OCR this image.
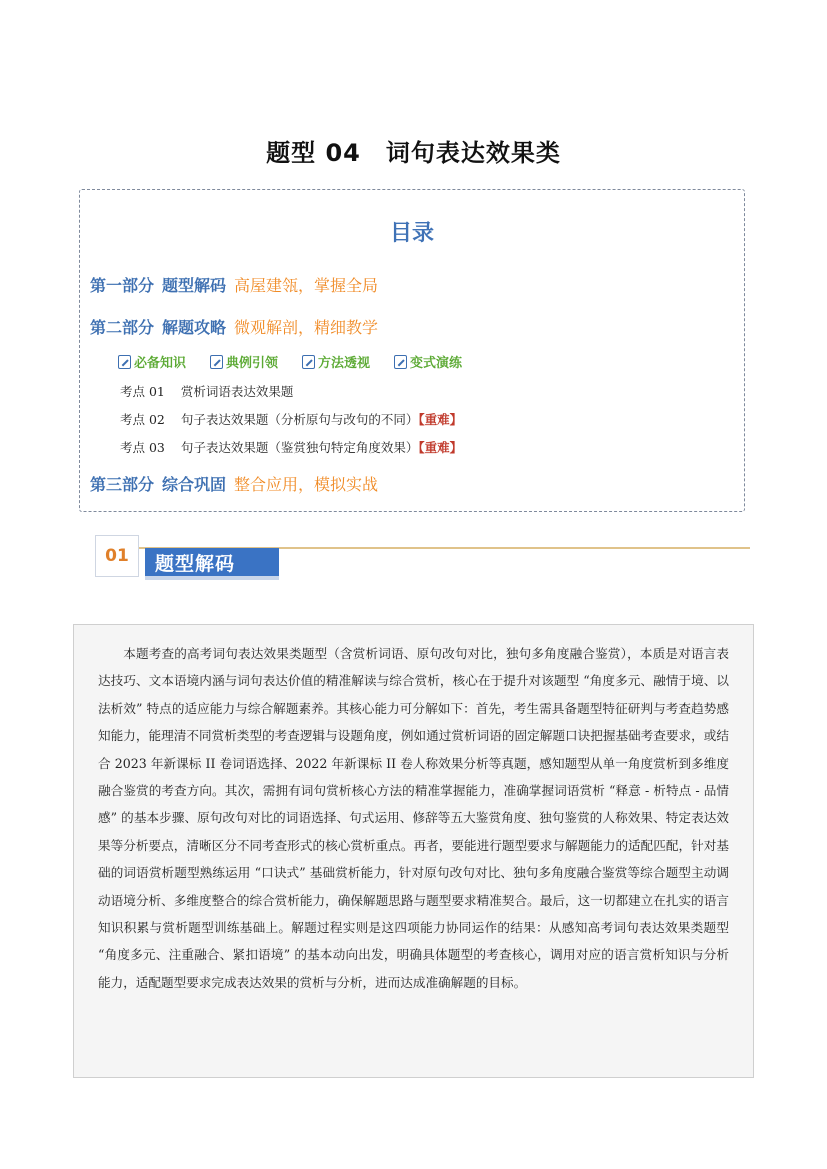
题型 04　词句表达效果类
目录
第一部分 题型解码 高屋建瓴，掌握全局
第二部分 解题攻略 微观解剖，精细教学
必备知识	典例引领	方法透视	变式演练
考点 01 赏析词语表达效果题
考点 02 句子表达效果题（分析原句与改句的不同）【重难】
考点 03 句子表达效果题（鉴赏独句特定角度效果）【重难】
第三部分 综合巩固 整合应用，模拟实战
01	题型解码

本题考查的高考词句表达效果类题型（含赏析词语、原句改句对比，独句多角度融合鉴赏），本质是对语言表达技巧、文本语境内涵与词句表达价值的精准解读与综合赏析，核心在于提升对该题型 “角度多元、融情于境、以法析效” 特点的适应能力与综合解题素养。其核心能力可分解如下：首先，考生需具备题型特征研判与考查趋势感知能力，能理清不同赏析类型的考查逻辑与设题角度，例如通过赏析词语的固定解题口诀把握基础考查要求，或结合 2023 年新课标 II 卷词语选择、2022 年新课标 II 卷人称效果分析等真题，感知题型从单一角度赏析到多维度融合鉴赏的考查方向。其次，需拥有词句赏析核心方法的精准掌握能力，准确掌握词语赏析 “释意 - 析特点 - 品情感” 的基本步骤、原句改句对比的词语选择、句式运用、修辞等五大鉴赏角度、独句鉴赏的人称效果、特定表达效果等分析要点，清晰区分不同考查形式的核心赏析重点。再者，要能进行题型要求与解题能力的适配匹配，针对基础的词语赏析题型熟练运用 “口诀式” 基础赏析能力，针对原句改句对比、独句多角度融合鉴赏等综合题型主动调动语境分析、多维度整合的综合赏析能力，确保解题思路与题型要求精准契合。最后，这一切都建立在扎实的语言知识积累与赏析题型训练基础上。解题过程实则是这四项能力协同运作的结果：从感知高考词句表达效果类题型 “角度多元、注重融合、紧扣语境” 的基本动向出发，明确具体题型的考查核心，调用对应的语言赏析知识与分析能力，适配题型要求完成表达效果的赏析与分析，进而达成准确解题的目标。
